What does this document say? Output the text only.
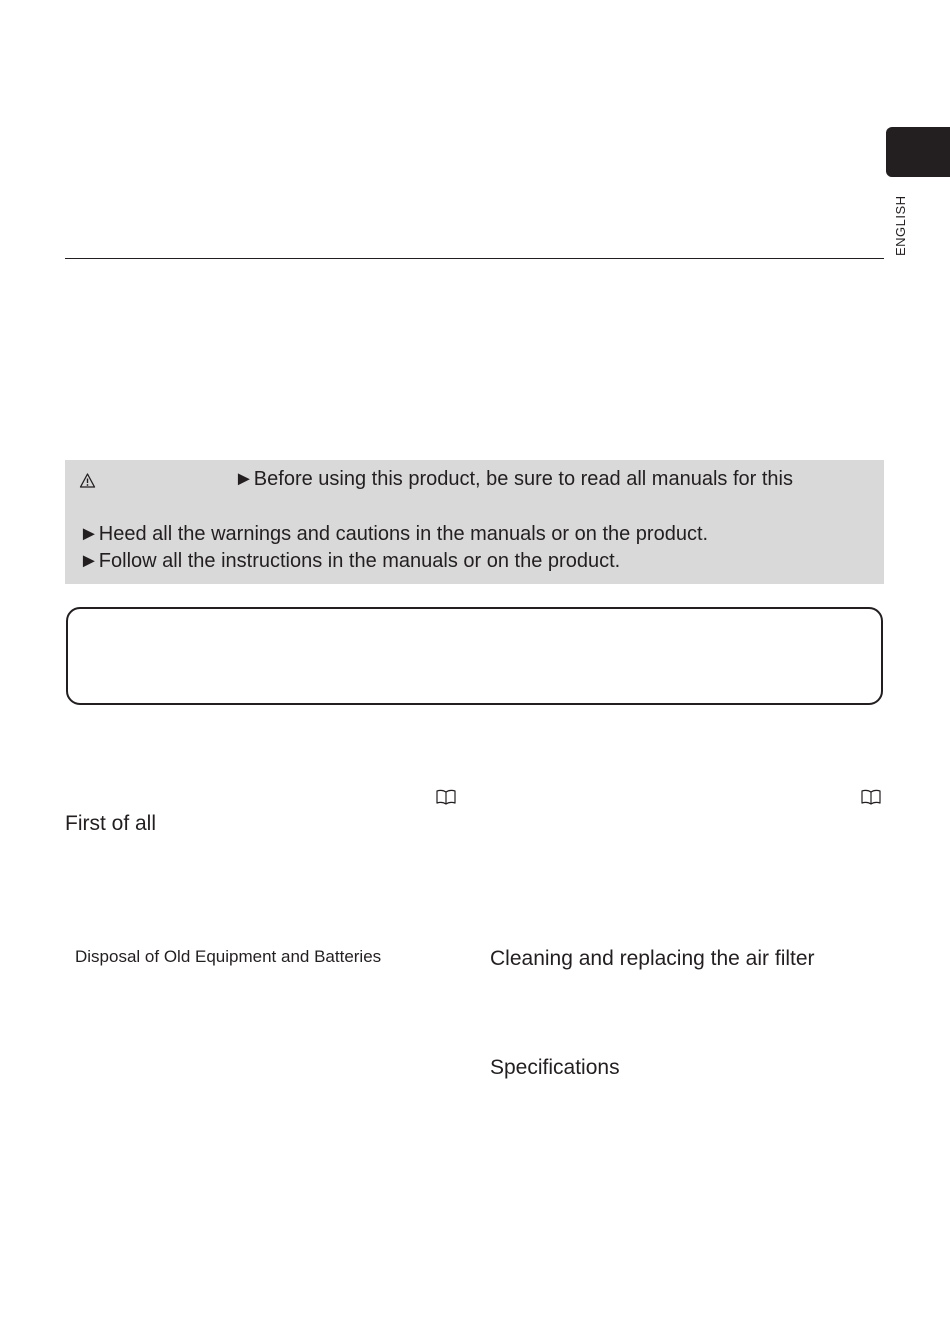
ENGLISH
►Before using this product, be sure to read all manuals for this
►Heed all the warnings and cautions in the manuals or on the product.
►Follow all the instructions in the manuals or on the product.
First of all
Disposal of Old Equipment and Batteries	Cleaning and replacing the air filter
Specifications
